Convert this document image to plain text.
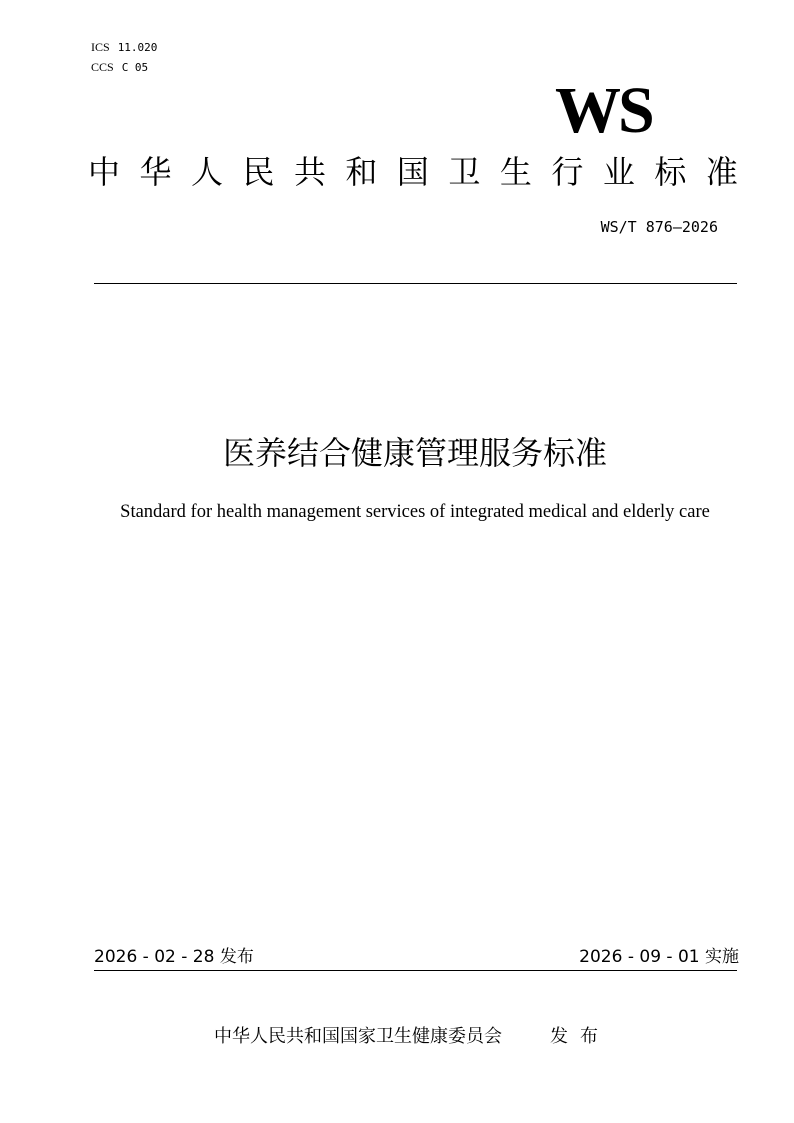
ICS 11.020
CCS C 05
WS
中 华 人 民 共 和 国 卫 生 行 业 标 准
WS/T 876—2026
医养结合健康管理服务标准
Standard for health management services of integrated medical and elderly care
2026 - 02 - 28 发布	2026 - 09 - 01 实施
中华人民共和国国家卫生健康委员会	发布
